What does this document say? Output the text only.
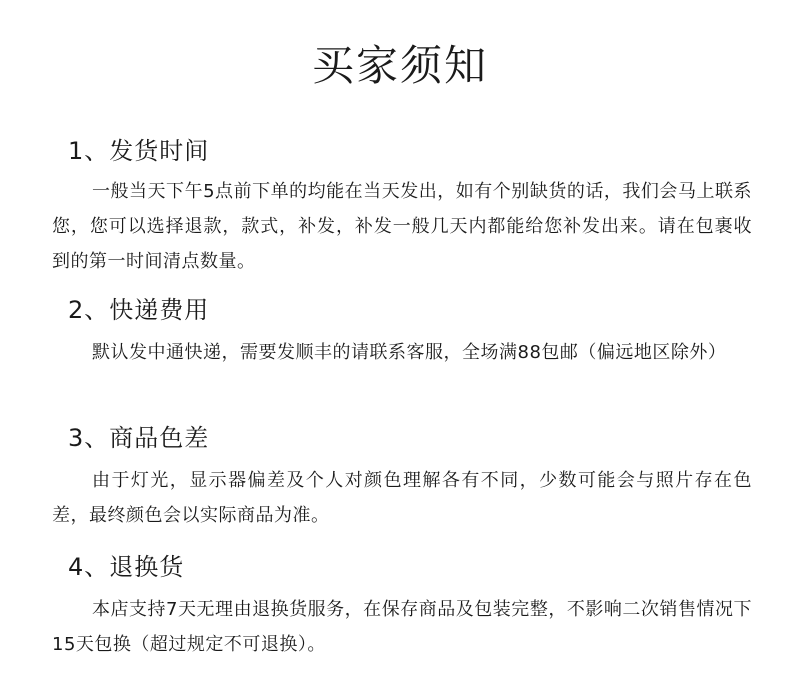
买家须知
1、发货时间

一般当天下午5点前下单的均能在当天发出，如有个别缺货的话，我们会马上联系您，您可以选择退款，款式，补发，补发一般几天内都能给您补发出来。请在包裹收到的第一时间清点数量。

2、快递费用

默认发中通快递，需要发顺丰的请联系客服，全场满88包邮（偏远地区除外）

3、商品色差

由于灯光，显示器偏差及个人对颜色理解各有不同，少数可能会与照片存在色差，最终颜色会以实际商品为准。

4、退换货

本店支持7天无理由退换货服务，在保存商品及包装完整，不影响二次销售情况下15天包换（超过规定不可退换）。
